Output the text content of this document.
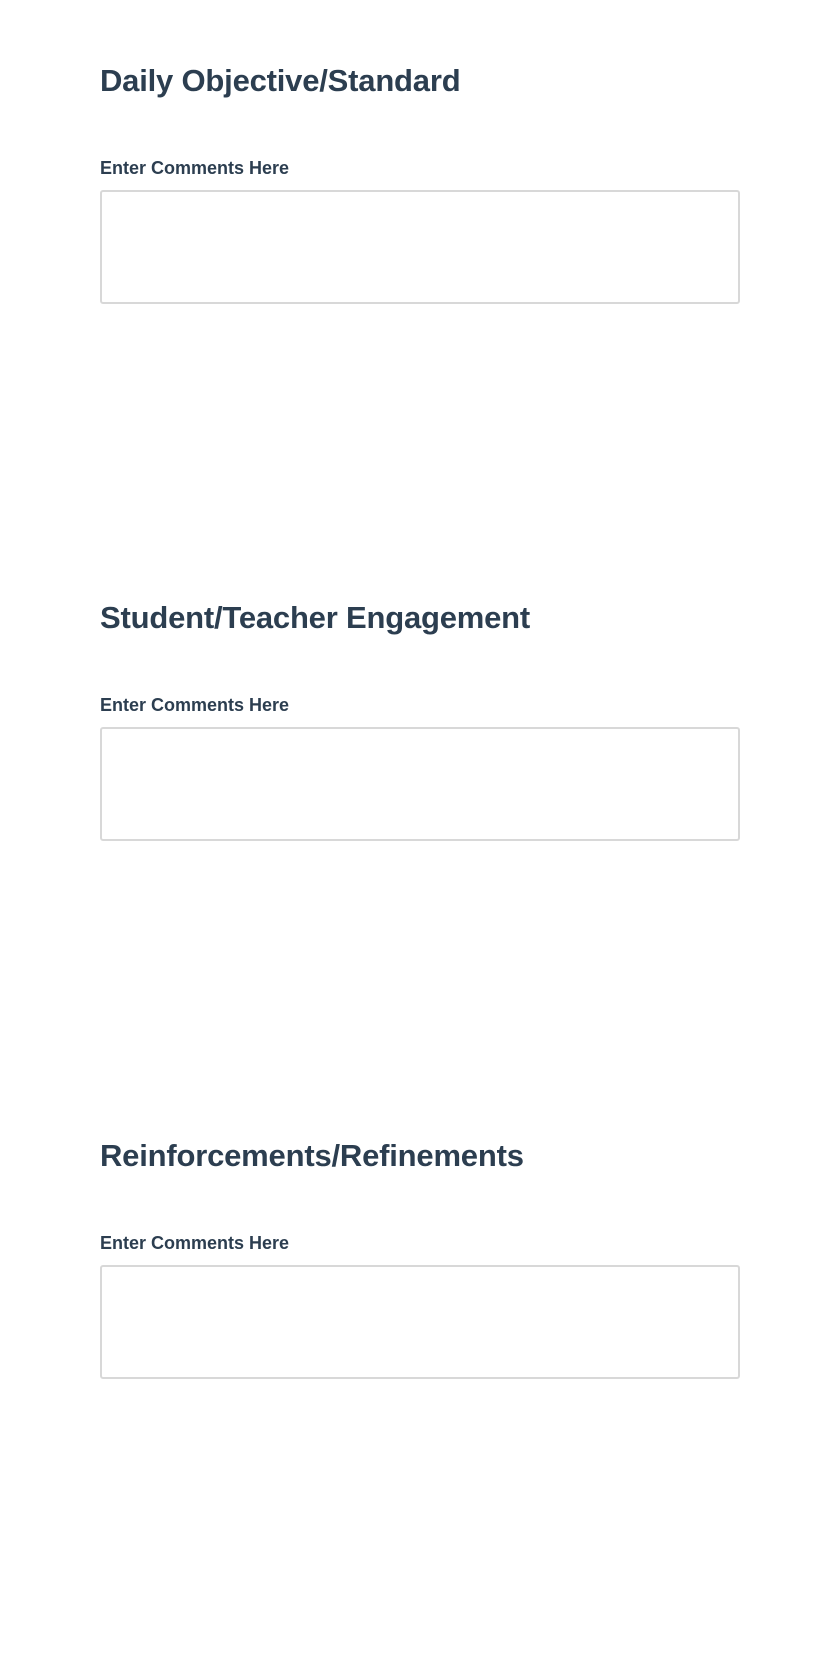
Daily Objective/Standard
Enter Comments Here
Student/Teacher Engagement
Enter Comments Here
Reinforcements/Refinements
Enter Comments Here
